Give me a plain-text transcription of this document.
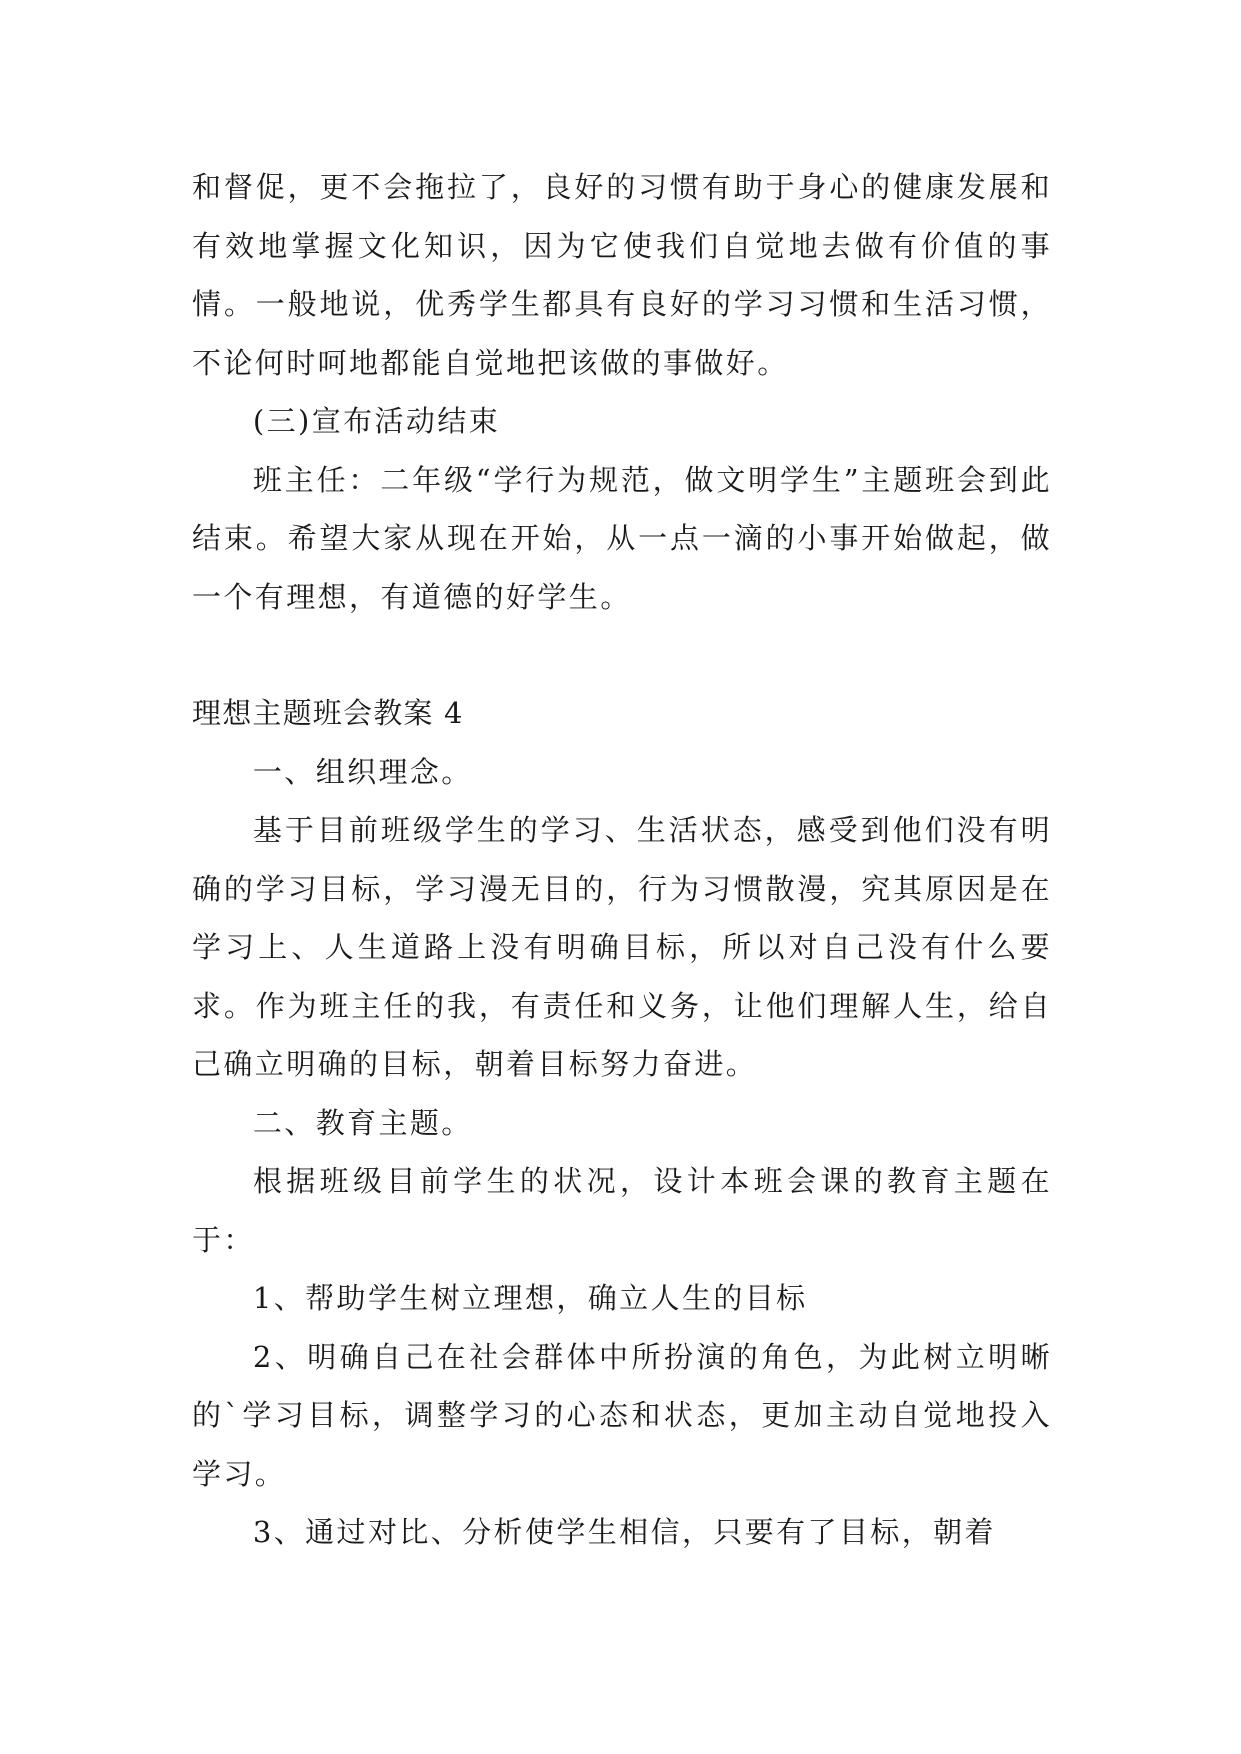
和督促，更不会拖拉了，良好的习惯有助于身心的健康发展和有效地掌握文化知识，因为它使我们自觉地去做有价值的事情。一般地说，优秀学生都具有良好的学习习惯和生活习惯，不论何时呵地都能自觉地把该做的事做好。

(三)宣布活动结束

班主任：二年级“学行为规范，做文明学生”主题班会到此结束。希望大家从现在开始，从一点一滴的小事开始做起，做一个有理想，有道德的好学生。

理想主题班会教案 4

一、组织理念。

基于目前班级学生的学习、生活状态，感受到他们没有明确的学习目标，学习漫无目的，行为习惯散漫，究其原因是在学习上、人生道路上没有明确目标，所以对自己没有什么要求。作为班主任的我，有责任和义务，让他们理解人生，给自己确立明确的目标，朝着目标努力奋进。

二、教育主题。

根据班级目前学生的状况，设计本班会课的教育主题在于：

1、帮助学生树立理想，确立人生的目标

2、明确自己在社会群体中所扮演的角色，为此树立明晰的`学习目标，调整学习的心态和状态，更加主动自觉地投入学习。

3、通过对比、分析使学生相信，只要有了目标，朝着
